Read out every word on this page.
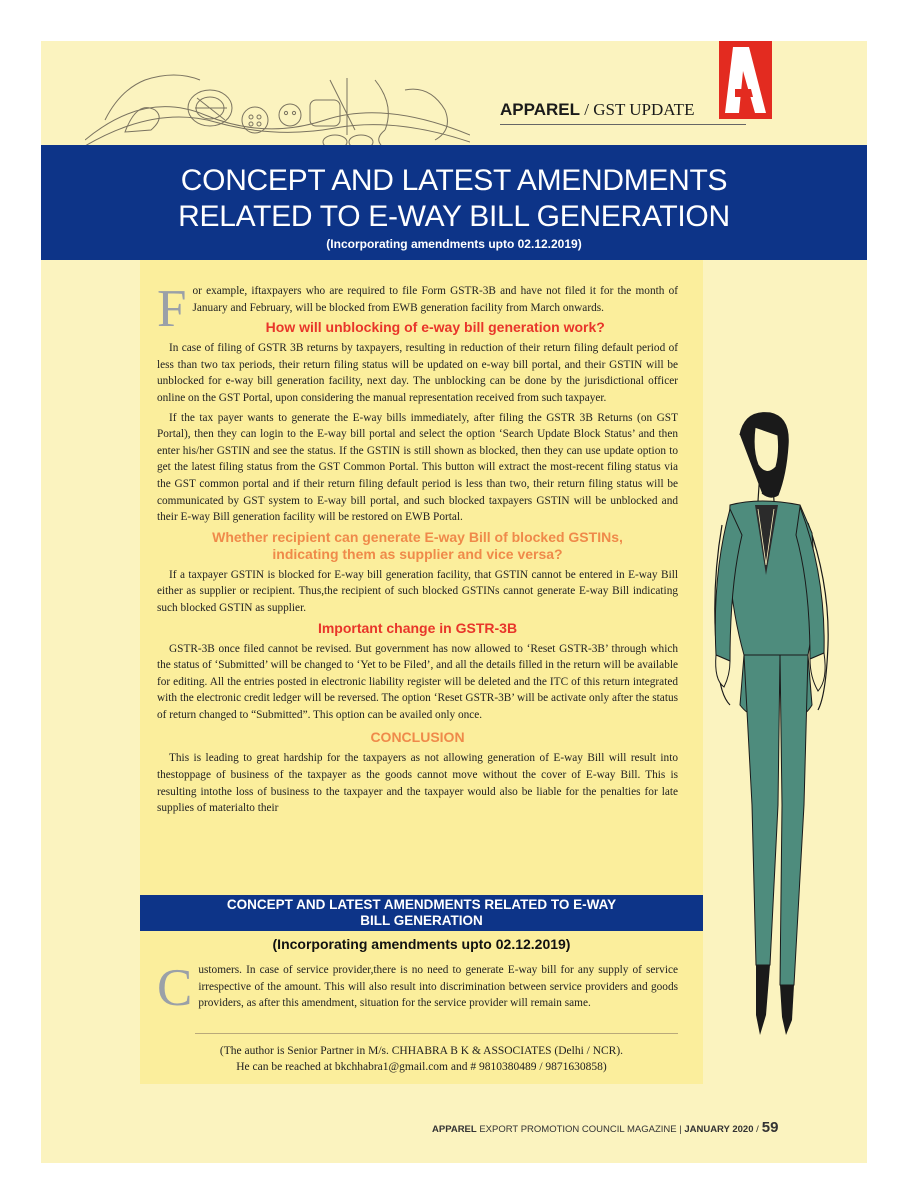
APPAREL / GST UPDATE
CONCEPT AND LATEST AMENDMENTS
RELATED TO E-WAY BILL GENERATION
(Incorporating amendments upto 02.12.2019)

For example, iftaxpayers who are required to file Form GSTR-3B and have not filed it for the month of January and February, will be blocked from EWB generation facility from March onwards.

How will unblocking of e-way bill generation work?

In case of filing of GSTR 3B returns by taxpayers, resulting in reduction of their return filing default period of less than two tax periods, their return filing status will be updated on e-way bill portal, and their GSTIN will be unblocked for e-way bill generation facility, next day. The unblocking can be done by the jurisdictional officer online on the GST Portal, upon considering the manual representation received from such taxpayer.

If the tax payer wants to generate the E-way bills immediately, after filing the GSTR 3B Returns (on GST Portal), then they can login to the E-way bill portal and select the option ‘Search Update Block Status’ and then enter his/her GSTIN and see the status. If the GSTIN is still shown as blocked, then they can use update option to get the latest filing status from the GST Common Portal. This button will extract the most-recent filing status via the GST common portal and if their return filing default period is less than two, their return filing status will be communicated by GST system to E-way bill portal, and such blocked taxpayers GSTIN will be unblocked and their E-way Bill generation facility will be restored on EWB Portal.

Whether recipient can generate E-way Bill of blocked GSTINs,
indicating them as supplier and vice versa?

If a taxpayer GSTIN is blocked for E-way bill generation facility, that GSTIN cannot be entered in E-way Bill either as supplier or recipient. Thus,the recipient of such blocked GSTINs cannot generate E-way Bill indicating such blocked GSTIN as supplier.

Important change in GSTR-3B

GSTR-3B once filed cannot be revised. But government has now allowed to ‘Reset GSTR-3B’ through which the status of ‘Submitted’ will be changed to ‘Yet to be Filed’, and all the details filled in the return will be available for editing. All the entries posted in electronic liability register will be deleted and the ITC of this return integrated with the electronic credit ledger will be reversed. The option ‘Reset GSTR-3B’ will be activate only after the status of return changed to “Submitted”. This option can be availed only once.

CONCLUSION

This is leading to great hardship for the taxpayers as not allowing generation of E-way Bill will result into thestoppage of business of the taxpayer as the goods cannot move without the cover of E-way Bill. This is resulting intothe loss of business to the taxpayer and the taxpayer would also be liable for the penalties for late supplies of materialto their

CONCEPT AND LATEST AMENDMENTS RELATED TO E-WAY
BILL GENERATION
(Incorporating amendments upto 02.12.2019)

Customers. In case of service provider,there is no need to generate E-way bill for any supply of service irrespective of the amount. This will also result into discrimination between service providers and goods providers, as after this amendment, situation for the service provider will remain same.

(The author is Senior Partner in M/s. CHHABRA B K & ASSOCIATES (Delhi / NCR).
He can be reached at bkchhabra1@gmail.com and # 9810380489 / 9871630858)
APPAREL EXPORT PROMOTION COUNCIL MAGAZINE | JANUARY 2020 / 59
